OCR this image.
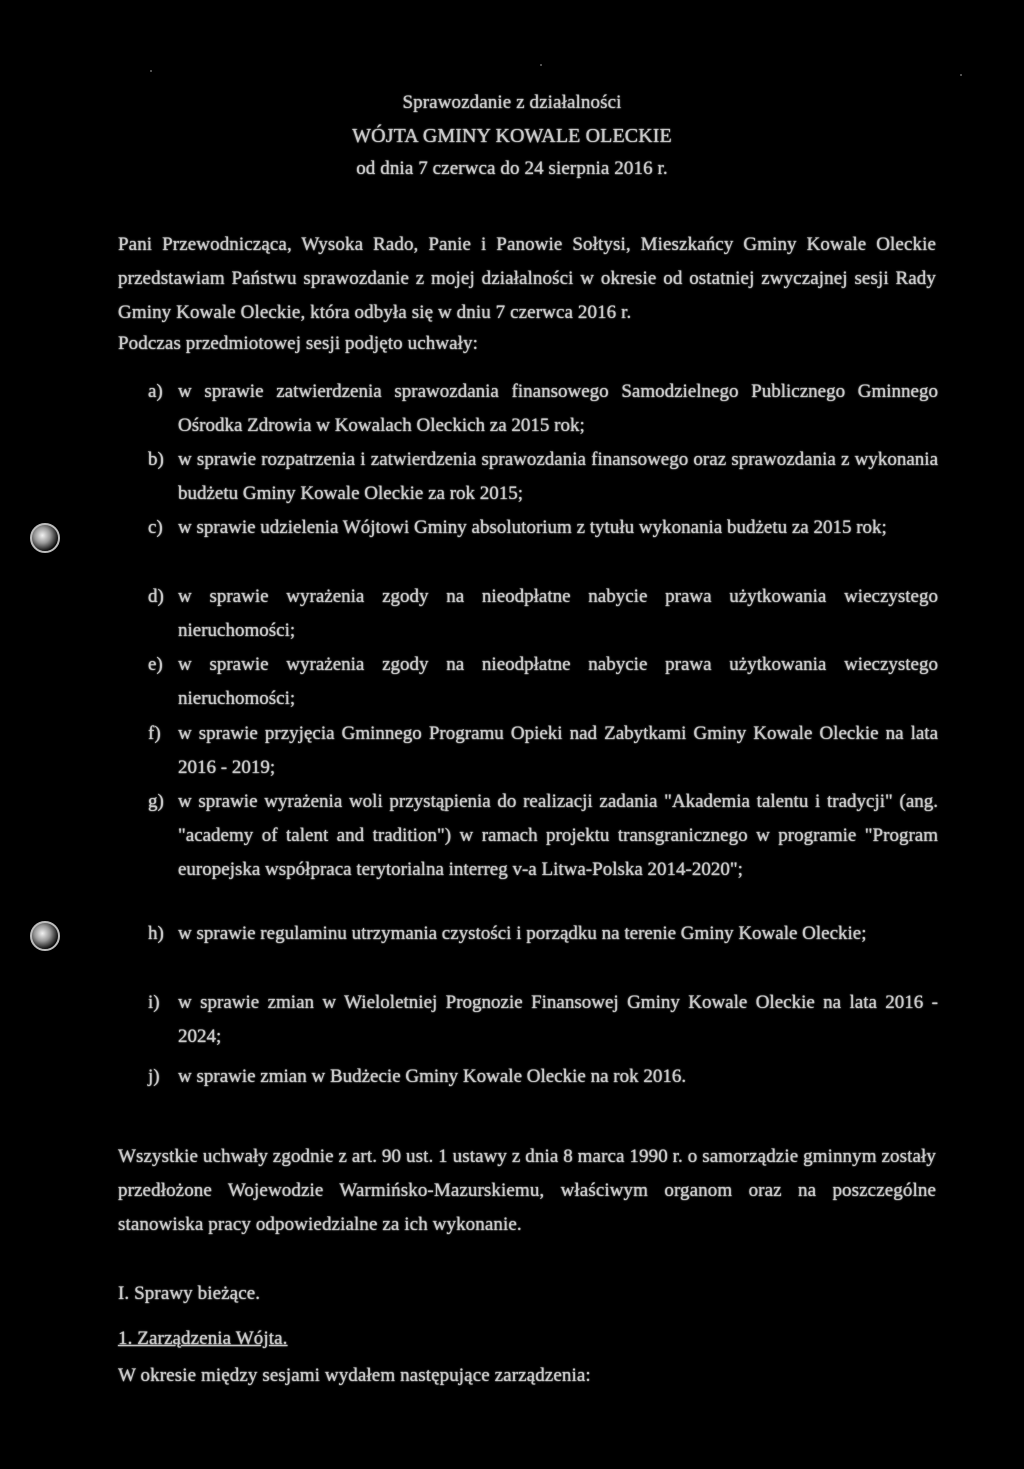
Sprawozdanie z działalności

WÓJTA GMINY KOWALE OLECKIE

od dnia 7 czerwca do 24 sierpnia 2016 r.

Pani Przewodnicząca, Wysoka Rado, Panie i Panowie Sołtysi, Mieszkańcy Gminy Kowale Oleckie przedstawiam Państwu sprawozdanie z mojej działalności w okresie od ostatniej zwyczajnej sesji Rady Gminy Kowale Oleckie, która odbyła się w dniu 7 czerwca 2016 r.

Podczas przedmiotowej sesji podjęto uchwały:

a) w sprawie zatwierdzenia sprawozdania finansowego Samodzielnego Publicznego Gminnego Ośrodka Zdrowia w Kowalach Oleckich za 2015 rok;
b) w sprawie rozpatrzenia i zatwierdzenia sprawozdania finansowego oraz sprawozdania z wykonania budżetu Gminy Kowale Oleckie za rok 2015;
c) w sprawie udzielenia Wójtowi Gminy absolutorium z tytułu wykonania budżetu za 2015 rok;
d) w sprawie wyrażenia zgody na nieodpłatne nabycie prawa użytkowania wieczystego nieruchomości;
e) w sprawie wyrażenia zgody na nieodpłatne nabycie prawa użytkowania wieczystego nieruchomości;
f) w sprawie przyjęcia Gminnego Programu Opieki nad Zabytkami Gminy Kowale Oleckie na lata 2016 - 2019;
g) w sprawie wyrażenia woli przystąpienia do realizacji zadania "Akademia talentu i tradycji" (ang. "academy of talent and tradition") w ramach projektu transgranicznego w programie "Program europejska współpraca terytorialna interreg v-a Litwa-Polska 2014-2020";
h) w sprawie regulaminu utrzymania czystości i porządku na terenie Gminy Kowale Oleckie;
i) w sprawie zmian w Wieloletniej Prognozie Finansowej Gminy Kowale Oleckie na lata 2016 - 2024;
j) w sprawie zmian w Budżecie Gminy Kowale Oleckie na rok 2016.

Wszystkie uchwały zgodnie z art. 90 ust. 1 ustawy z dnia 8 marca 1990 r. o samorządzie gminnym zostały przedłożone Wojewodzie Warmińsko-Mazurskiemu, właściwym organom oraz na poszczególne stanowiska pracy odpowiedzialne za ich wykonanie.

I. Sprawy bieżące.

1. Zarządzenia Wójta.

W okresie między sesjami wydałem następujące zarządzenia:
